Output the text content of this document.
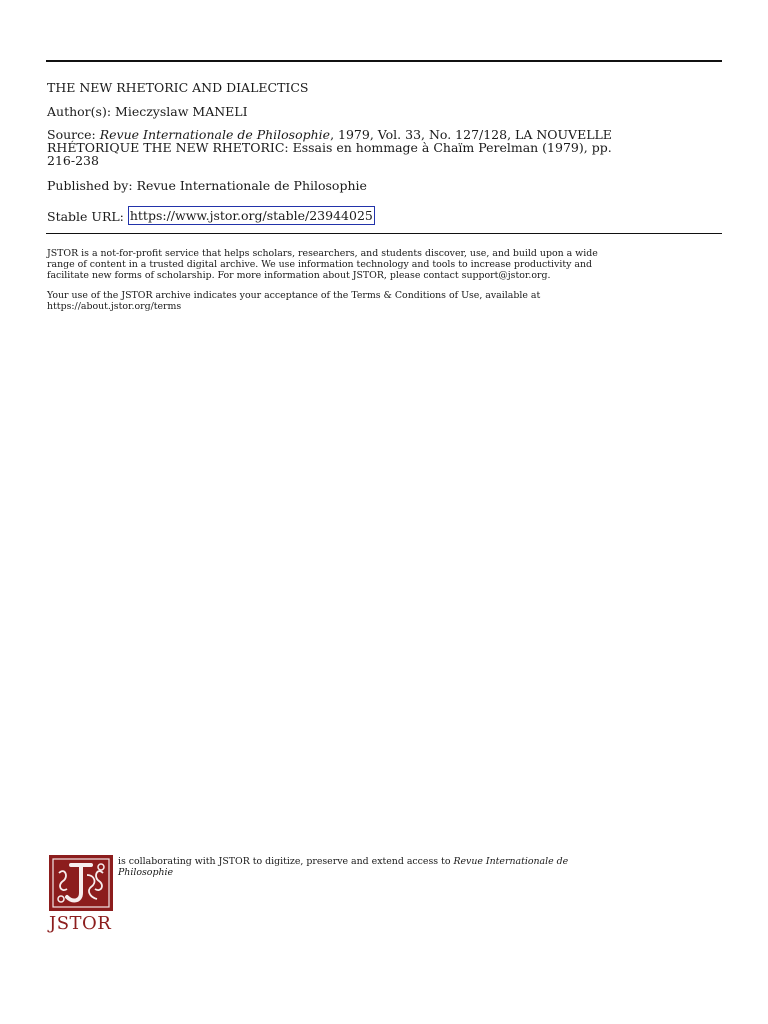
THE NEW RHETORIC AND DIALECTICS
Author(s): Mieczyslaw MANELI
Source: Revue Internationale de Philosophie, 1979, Vol. 33, No. 127/128, LA NOUVELLE
RHÉTORIQUE THE NEW RHETORIC: Essais en hommage à Chaïm Perelman (1979), pp.
216-238
Published by: Revue Internationale de Philosophie
Stable URL: https://www.jstor.org/stable/23944025
JSTOR is a not-for-profit service that helps scholars, researchers, and students discover, use, and build upon a wide
range of content in a trusted digital archive. We use information technology and tools to increase productivity and
facilitate new forms of scholarship. For more information about JSTOR, please contact support@jstor.org.
Your use of the JSTOR archive indicates your acceptance of the Terms & Conditions of Use, available at
https://about.jstor.org/terms
JSTOR
is collaborating with JSTOR to digitize, preserve and extend access to Revue Internationale de
Philosophie
